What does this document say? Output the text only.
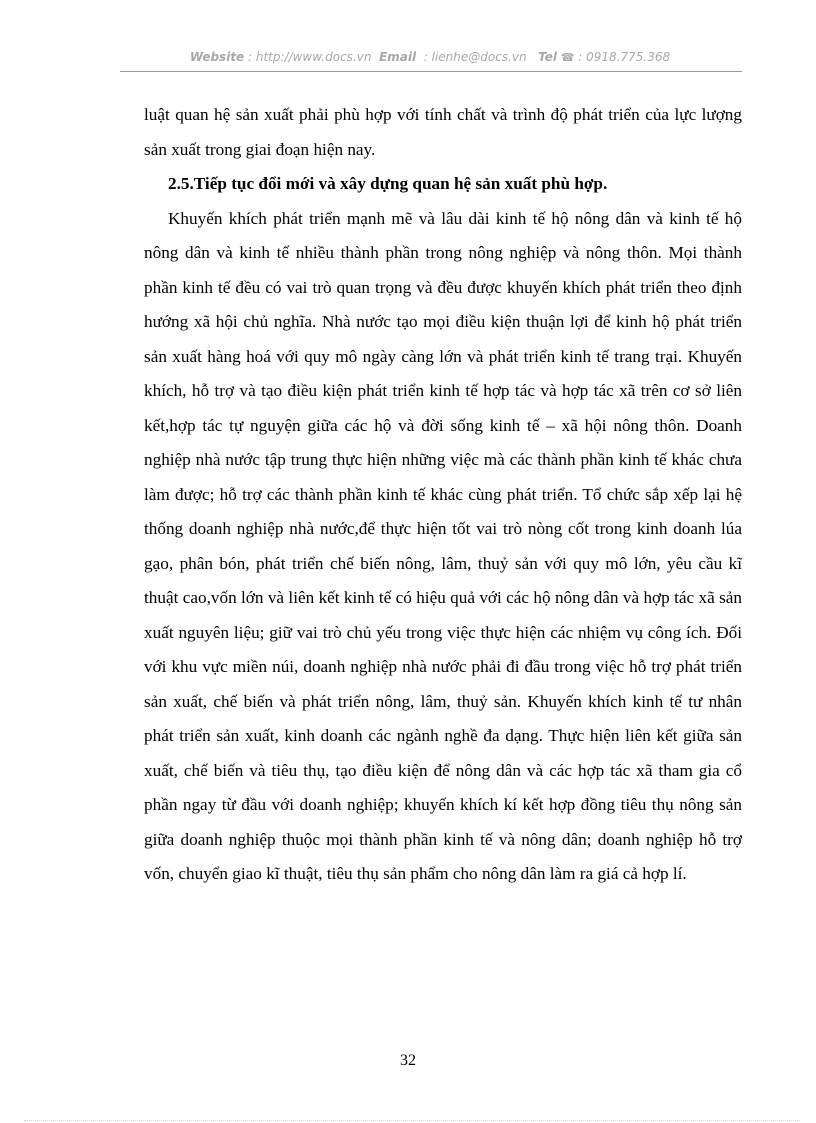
Website : http://www.docs.vn Email  : lienhe@docs.vn Tel ☎ : 0918.775.368

luật quan hệ sản xuất phải phù hợp với tính chất và trình độ phát triển của lực lượng sản xuất trong giai đoạn hiện nay.

2.5.Tiếp tục đổi mới và xây dựng quan hệ sản xuất phù hợp.

Khuyến khích phát triển mạnh mẽ và lâu dài kinh tế hộ nông dân và kinh tế hộ nông dân và kinh tế nhiều thành phần trong nông nghiệp và nông thôn. Mọi thành phần kinh tế đều có vai trò quan trọng và đều được khuyến khích phát triển theo định hướng xã hội chủ nghĩa. Nhà nước tạo mọi điều kiện thuận lợi để kinh hộ phát triển sản xuất hàng hoá với quy mô ngày càng lớn và phát triển kinh tế trang trại. Khuyến khích, hỗ trợ và tạo điều kiện phát triển kinh tế hợp tác và hợp tác xã trên cơ sở liên kết,hợp tác tự nguyện giữa các hộ và đời sống kinh tế – xã hội nông thôn. Doanh nghiệp nhà nước tập trung thực hiện những việc mà các thành phần kinh tế khác chưa làm được; hỗ trợ các thành phần kinh tế khác cùng phát triển. Tổ chức sắp xếp lại hệ thống doanh nghiệp nhà nước,để thực hiện tốt vai trò nòng cốt trong kinh doanh lúa gạo, phân bón, phát triển chế biến nông, lâm, thuỷ sản với quy mô lớn, yêu cầu kĩ thuật cao,vốn lớn và liên kết kinh tế có hiệu quả với các hộ nông dân và hợp tác xã sản xuất nguyên liệu; giữ vai trò chủ yếu trong việc thực hiện các nhiệm vụ công ích. Đối với khu vực miền núi, doanh nghiệp nhà nước phải đi đầu trong việc hỗ trợ phát triển sản xuất, chế biến và phát triển nông, lâm, thuỷ sản. Khuyến khích kinh tế tư nhân phát triển sản xuất, kinh doanh các ngành nghề đa dạng. Thực hiện liên kết giữa sản xuất, chế biến và tiêu thụ, tạo điều kiện để nông dân và các hợp tác xã tham gia cổ phần ngay từ đầu với doanh nghiệp; khuyến khích kí kết hợp đồng tiêu thụ nông sản giữa doanh nghiệp thuộc mọi thành phần kinh tế và nông dân; doanh nghiệp hỗ trợ vốn, chuyển giao kĩ thuật, tiêu thụ sản phẩm cho nông dân làm ra giá cả hợp lí.

32
